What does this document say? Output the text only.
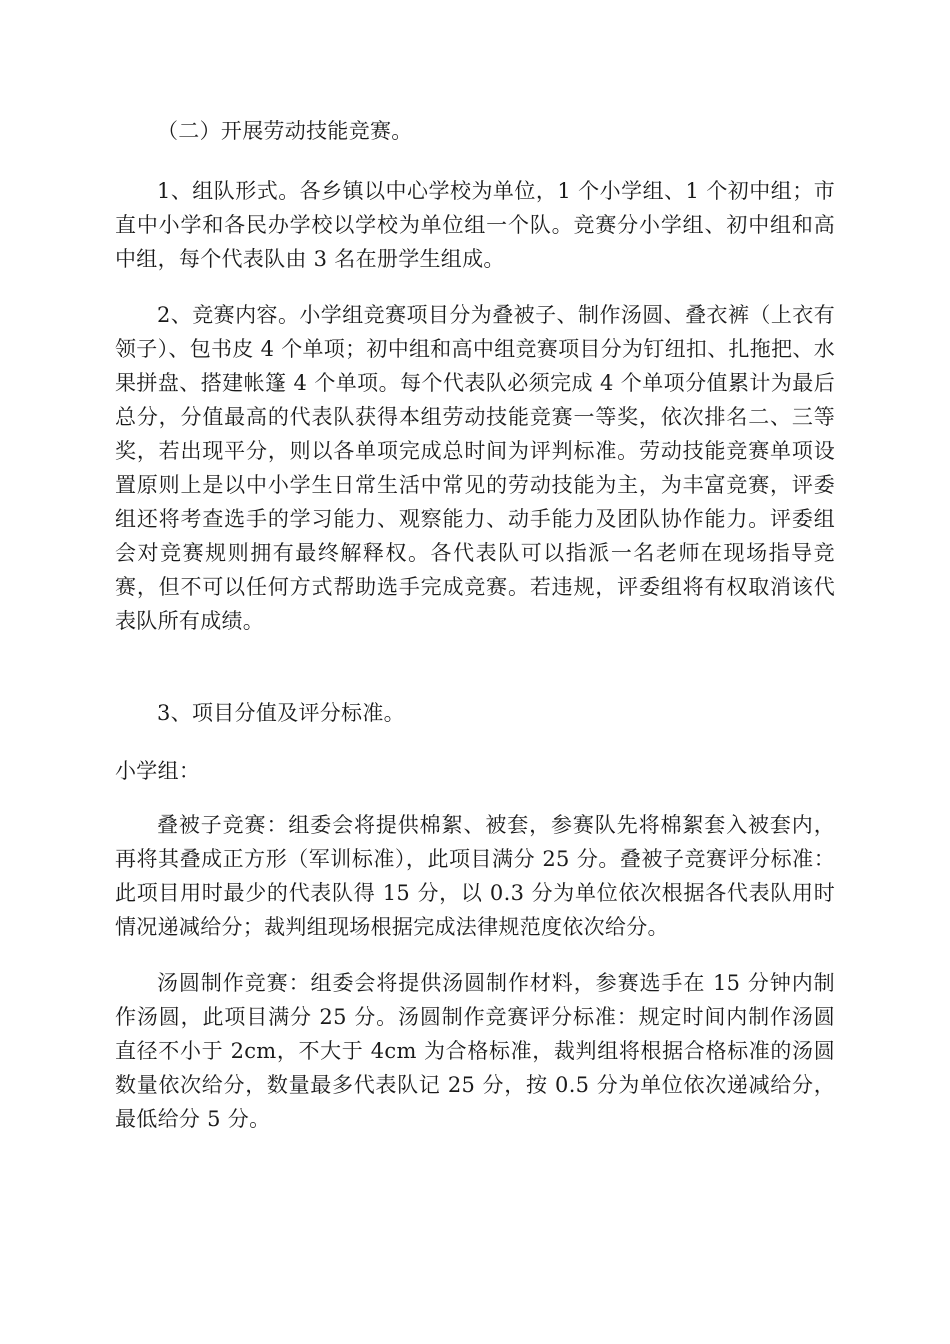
（二）开展劳动技能竞赛。

1、组队形式。各乡镇以中心学校为单位，1 个小学组、1 个初中组；市直中小学和各民办学校以学校为单位组一个队。竞赛分小学组、初中组和高中组，每个代表队由 3 名在册学生组成。

2、竞赛内容。小学组竞赛项目分为叠被子、制作汤圆、叠衣裤（上衣有领子）、包书皮 4 个单项；初中组和高中组竞赛项目分为钉纽扣、扎拖把、水果拼盘、搭建帐篷 4 个单项。每个代表队必须完成 4 个单项分值累计为最后总分，分值最高的代表队获得本组劳动技能竞赛一等奖，依次排名二、三等奖，若出现平分，则以各单项完成总时间为评判标准。劳动技能竞赛单项设置原则上是以中小学生日常生活中常见的劳动技能为主，为丰富竞赛，评委组还将考查选手的学习能力、观察能力、动手能力及团队协作能力。评委组会对竞赛规则拥有最终解释权。各代表队可以指派一名老师在现场指导竞赛，但不可以任何方式帮助选手完成竞赛。若违规，评委组将有权取消该代表队所有成绩。

3、项目分值及评分标准。

小学组：

叠被子竞赛：组委会将提供棉絮、被套，参赛队先将棉絮套入被套内，再将其叠成正方形（军训标准），此项目满分 25 分。叠被子竞赛评分标准：此项目用时最少的代表队得 15 分，以 0.3 分为单位依次根据各代表队用时情况递减给分；裁判组现场根据完成法律规范度依次给分。

汤圆制作竞赛：组委会将提供汤圆制作材料，参赛选手在 15 分钟内制作汤圆，此项目满分 25 分。汤圆制作竞赛评分标准：规定时间内制作汤圆直径不小于 2cm，不大于 4cm 为合格标准，裁判组将根据合格标准的汤圆数量依次给分，数量最多代表队记 25 分，按 0.5 分为单位依次递减给分，最低给分 5 分。
